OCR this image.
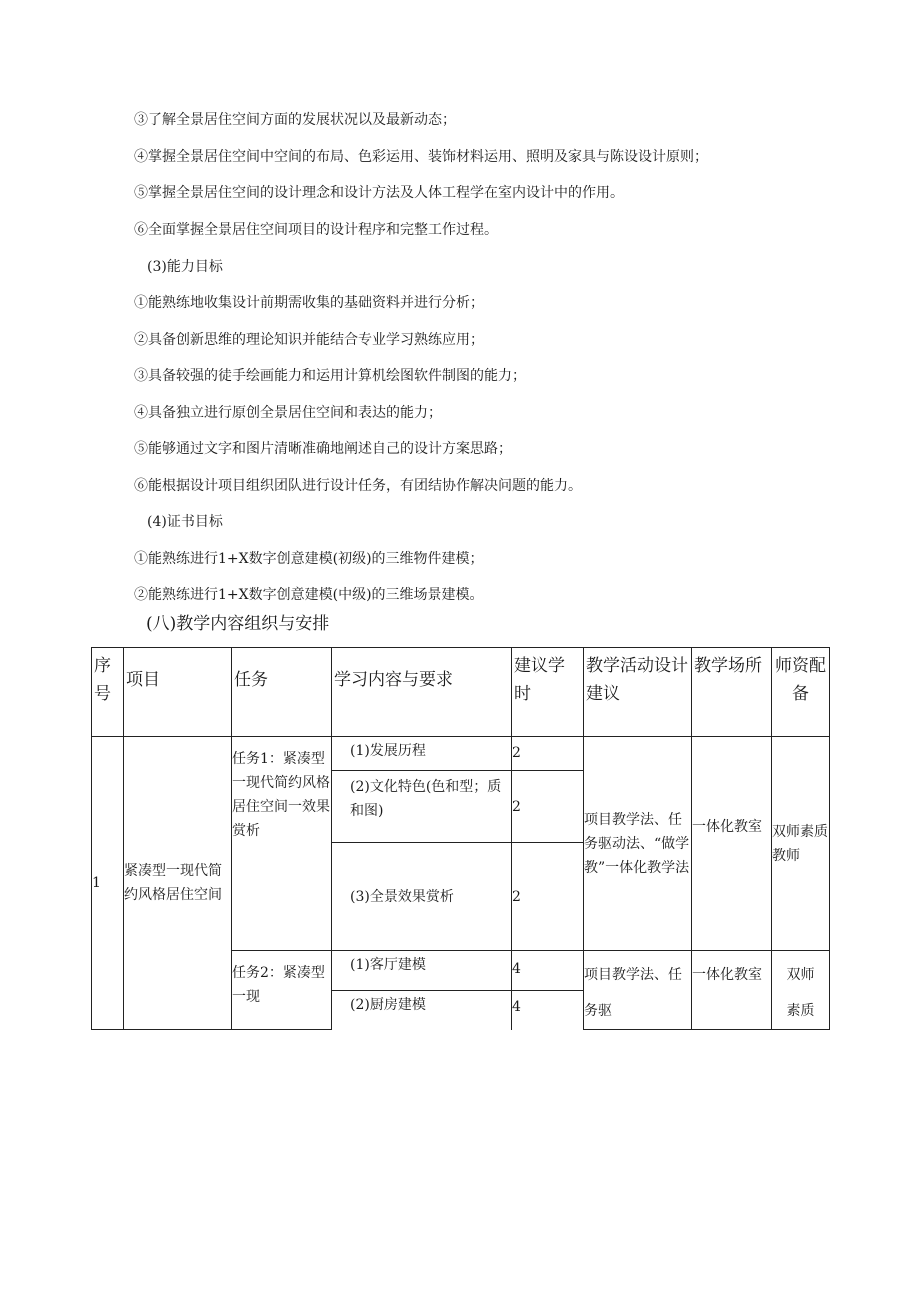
③了解全景居住空间方面的发展状况以及最新动态；
④掌握全景居住空间中空间的布局、色彩运用、装饰材料运用、照明及家具与陈设设计原则；
⑤掌握全景居住空间的设计理念和设计方法及人体工程学在室内设计中的作用。
⑥全面掌握全景居住空间项目的设计程序和完整工作过程。
(3)能力目标
①能熟练地收集设计前期需收集的基础资料并进行分析；
②具备创新思维的理论知识并能结合专业学习熟练应用；
③具备较强的徒手绘画能力和运用计算机绘图软件制图的能力；
④具备独立进行原创全景居住空间和表达的能力；
⑤能够通过文字和图片清晰准确地阐述自己的设计方案思路；
⑥能根据设计项目组织团队进行设计任务，有团结协作解决问题的能力。
(4)证书目标
①能熟练进行1+X数字创意建模(初级)的三维物件建模；
②能熟练进行1+X数字创意建模(中级)的三维场景建模。
(八)教学内容组织与安排
序号	项目	任务	学习内容与要求	建议学时	教学活动设计建议	教学场所	师资配备
1	紧凑型一现代简约风格居住空间	任务1：紧凑型一现代简约风格居住空间一效果赏析	(1)发展历程	2	项目教学法、任务驱动法、“做学教”一体化教学法	一体化教室	双师素质教师
			(2)文化特色(色和型；质和图)	2			
			(3)全景效果赏析	2			
		任务2：紧凑型一现	(1)客厅建模	4	项目教学法、任务驱	一体化教室	双师素质
			(2)厨房建模	4			
